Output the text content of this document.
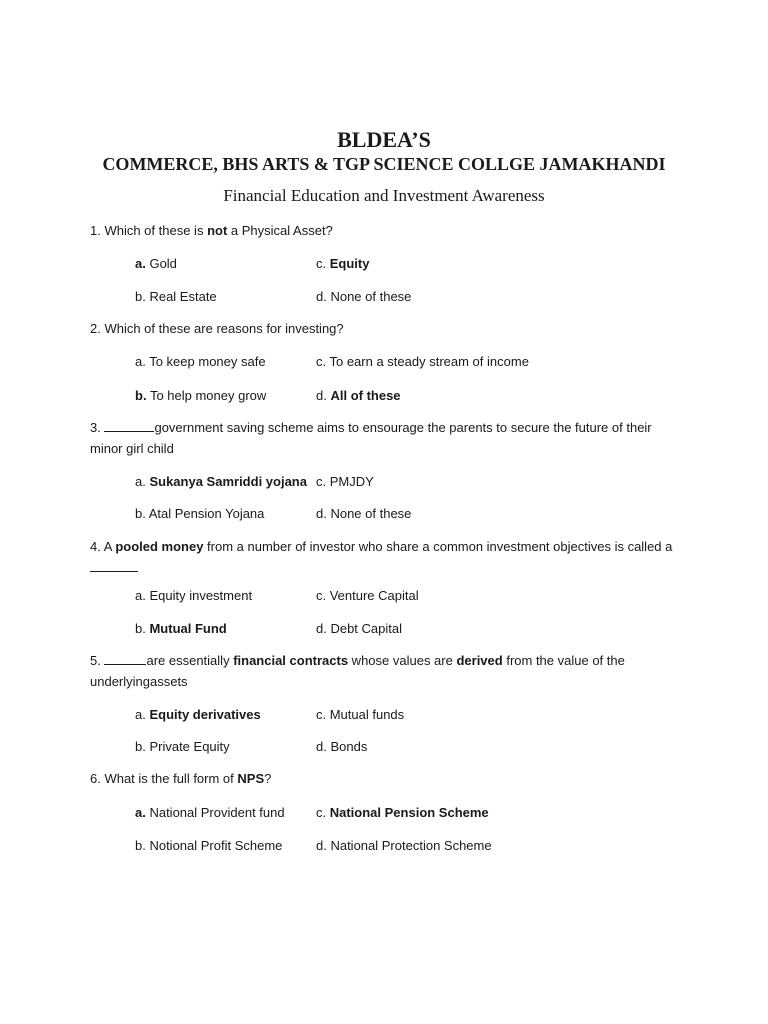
BLDEA’S
COMMERCE, BHS ARTS & TGP SCIENCE COLLGE JAMAKHANDI
Financial Education and Investment Awareness
1. Which of these is not a Physical Asset?
a. Gold	c. Equity
b. Real Estate	d. None of these
2. Which of these are reasons for investing?
a. To keep money safe	c. To earn a steady stream of income
b. To help money grow	d. All of these
3.	government saving scheme aims to ensourage the parents to secure the future of their
minor girl child
a. Sukanya Samriddi yojana c. PMJDY
b. Atal Pension Yojana	d. None of these
4. A pooled money from a number of investor who share a common investment objectives is called a
a. Equity investment	c. Venture Capital
b. Mutual Fund	d. Debt Capital
5.	are essentially financial contracts whose values are derived from the value of the
underlyingassets
a. Equity derivatives	c. Mutual funds
b. Private Equity	d. Bonds
6. What is the full form of NPS?
a. National Provident fund c. National Pension Scheme
b. Notional Profit Scheme	d. National Protection Scheme
